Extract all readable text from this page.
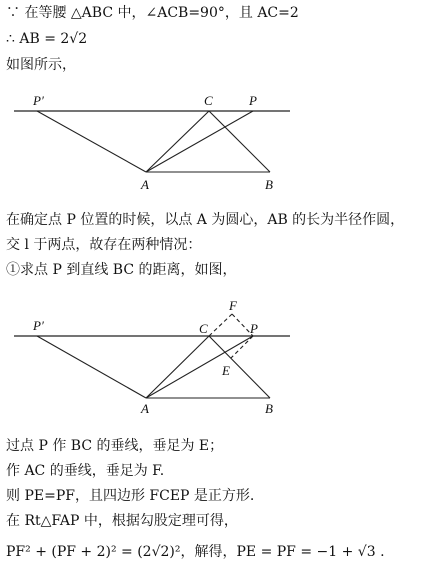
∵ 在等腰 △ABC 中，∠ACB=90°，且 AC=2
∴ AB = 2√2
如图所示，
P′	C	P
A	B
在确定点 P 位置的时候，以点 A 为圆心，AB 的长为半径作圆，
交 l 于两点，故存在两种情况：
①求点 P 到直线 BC 的距离，如图，
P′	C
F
P
E
A	B
过点 P 作 BC 的垂线，垂足为 E；
作 AC 的垂线，垂足为 F.
则 PE=PF，且四边形 FCEP 是正方形.
在 Rt△FAP 中，根据勾股定理可得，
PF² + (PF + 2)² = (2√2)²，解得，PE = PF = −1 + √3 .
